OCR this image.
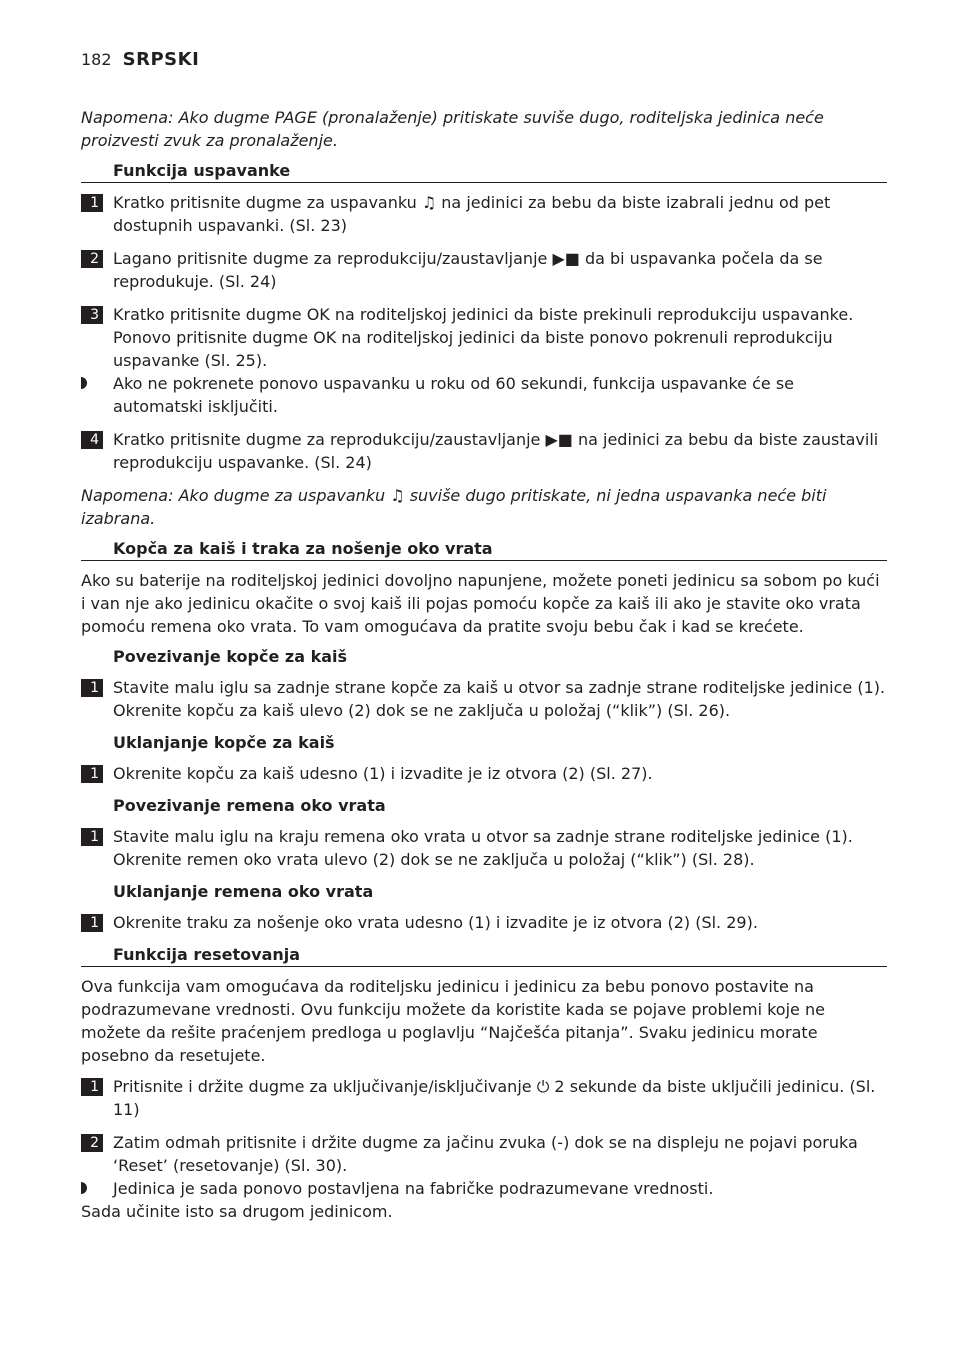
182 SRPSKI

Napomena: Ako dugme PAGE (pronalaženje) pritiskate suviše dugo, roditeljska jedinica neće proizvesti zvuk za pronalaženje.

Funkcija uspavanke
1 Kratko pritisnite dugme za uspavanku ♫ na jedinici za bebu da biste izabrali jednu od pet dostupnih uspavanki. (Sl. 23)
2 Lagano pritisnite dugme za reprodukciju/zaustavljanje ▶■ da bi uspavanka počela da se reprodukuje. (Sl. 24)
3 Kratko pritisnite dugme OK na roditeljskoj jedinici da biste prekinuli reprodukciju uspavanke. Ponovo pritisnite dugme OK na roditeljskoj jedinici da biste ponovo pokrenuli reprodukciju uspavanke (Sl. 25).
Ako ne pokrenete ponovo uspavanku u roku od 60 sekundi, funkcija uspavanke će se automatski isključiti.
4 Kratko pritisnite dugme za reprodukciju/zaustavljanje ▶■ na jedinici za bebu da biste zaustavili reprodukciju uspavanke. (Sl. 24)

Napomena: Ako dugme za uspavanku ♫ suviše dugo pritiskate, ni jedna uspavanka neće biti izabrana.

Kopča za kaiš i traka za nošenje oko vrata

Ako su baterije na roditeljskoj jedinici dovoljno napunjene, možete poneti jedinicu sa sobom po kući i van nje ako jedinicu okačite o svoj kaiš ili pojas pomoću kopče za kaiš ili ako je stavite oko vrata pomoću remena oko vrata. To vam omogućava da pratite svoju bebu čak i kad se krećete.

Povezivanje kopče za kaiš
1 Stavite malu iglu sa zadnje strane kopče za kaiš u otvor sa zadnje strane roditeljske jedinice (1). Okrenite kopču za kaiš ulevo (2) dok se ne zaključa u položaj (“klik”) (Sl. 26).
Uklanjanje kopče za kaiš
1 Okrenite kopču za kaiš udesno (1) i izvadite je iz otvora (2) (Sl. 27).
Povezivanje remena oko vrata
1 Stavite malu iglu na kraju remena oko vrata u otvor sa zadnje strane roditeljske jedinice (1). Okrenite remen oko vrata ulevo (2) dok se ne zaključa u položaj (“klik”) (Sl. 28).
Uklanjanje remena oko vrata
1 Okrenite traku za nošenje oko vrata udesno (1) i izvadite je iz otvora (2) (Sl. 29).
Funkcija resetovanja

Ova funkcija vam omogućava da roditeljsku jedinicu i jedinicu za bebu ponovo postavite na podrazumevane vrednosti. Ovu funkciju možete da koristite kada se pojave problemi koje ne možete da rešite praćenjem predloga u poglavlju “Najčešća pitanja”. Svaku jedinicu morate posebno da resetujete.

1 Pritisnite i držite dugme za uključivanje/isključivanje ⏻ 2 sekunde da biste uključili jedinicu. (Sl. 11)
2 Zatim odmah pritisnite i držite dugme za jačinu zvuka (-) dok se na displeju ne pojavi poruka ‘Reset’ (resetovanje) (Sl. 30).
Jedinica je sada ponovo postavljena na fabričke podrazumevane vrednosti.

Sada učinite isto sa drugom jedinicom.
